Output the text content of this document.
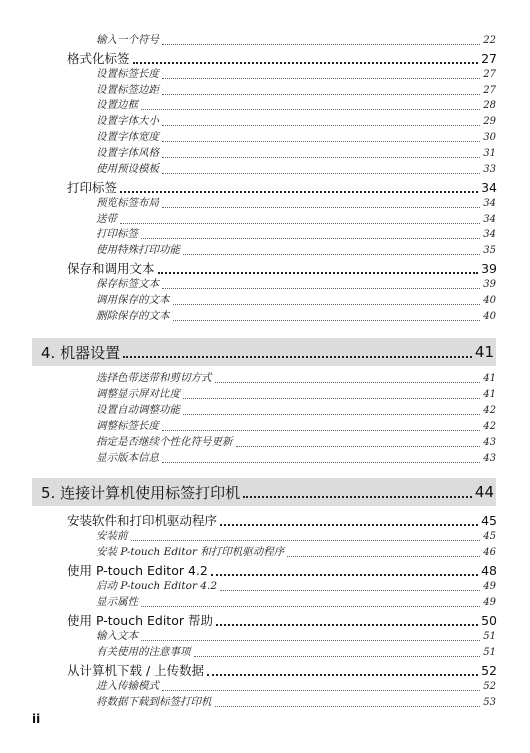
输入一个符号	22
格式化标签	27
设置标签长度	27
设置标签边距	27
设置边框	28
设置字体大小	29
设置字体宽度	30
设置字体风格	31
使用预设模板	33
打印标签	34
预览标签布局	34
送带	34
打印标签	34
使用特殊打印功能	35
保存和调用文本	39
保存标签文本	39
调用保存的文本	40
删除保存的文本	40
4. 机器设置	41
选择色带送带和剪切方式	41
调整显示屏对比度	41
设置自动调整功能	42
调整标签长度	42
指定是否继续个性化符号更新	43
显示版本信息	43
5. 连接计算机使用标签打印机	44
安装软件和打印机驱动程序	45
安装前	45
安装 P-touch Editor 和打印机驱动程序	46
使用 P-touch Editor 4.2	48
启动 P-touch Editor 4.2	49
显示属性	49
使用 P-touch Editor 帮助	50
输入文本	51
有关使用的注意事项	51
从计算机下载 / 上传数据	52
进入传输模式	52
将数据下载到标签打印机	53
ii
